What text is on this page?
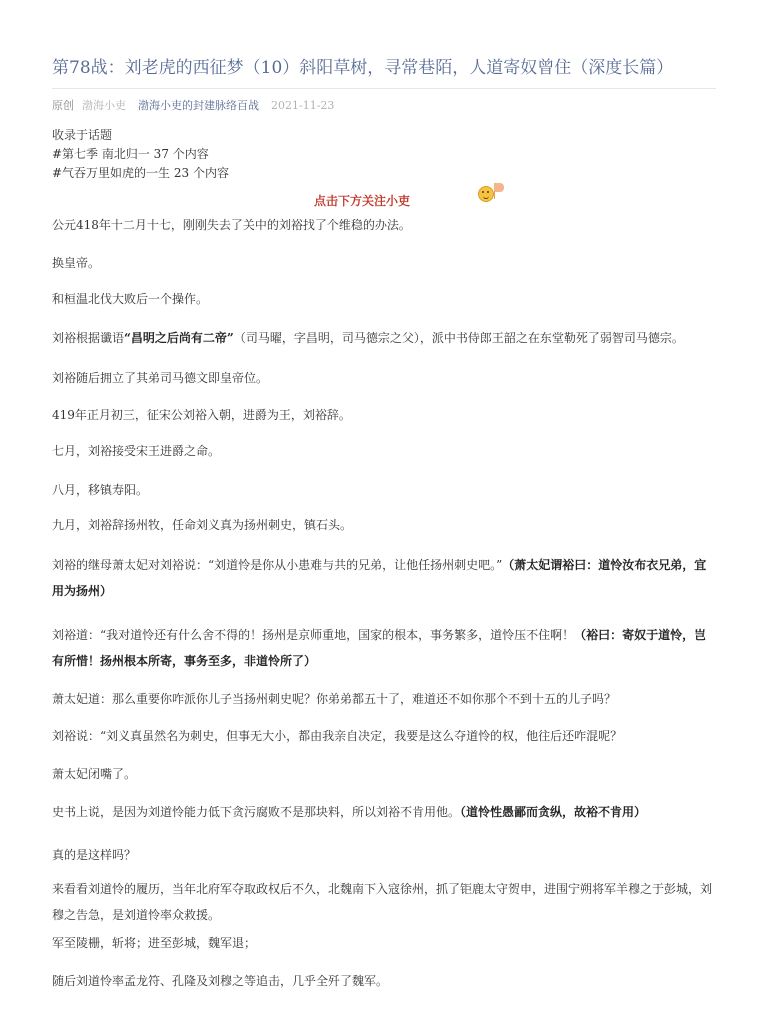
第78战：刘老虎的西征梦（10）斜阳草树，寻常巷陌，人道寄奴曾住（深度长篇）
原创 渤海小吏 渤海小吏的封建脉络百战 2021-11-23
收录于话题
#第七季 南北归一 37 个内容
#气吞万里如虎的一生 23 个内容
点击下方关注小吏

公元418年十二月十七，刚刚失去了关中的刘裕找了个维稳的办法。

换皇帝。

和桓温北伐大败后一个操作。

刘裕根据谶语“昌明之后尚有二帝”（司马曜，字昌明，司马德宗之父），派中书侍郎王韶之在东堂勒死了弱智司马德宗。

刘裕随后拥立了其弟司马德文即皇帝位。

419年正月初三，征宋公刘裕入朝，进爵为王，刘裕辞。

七月，刘裕接受宋王进爵之命。

八月，移镇寿阳。

九月，刘裕辞扬州牧，任命刘义真为扬州刺史，镇石头。

刘裕的继母萧太妃对刘裕说：“刘道怜是你从小患难与共的兄弟，让他任扬州刺史吧。”（萧太妃谓裕曰：道怜汝布衣兄弟，宜用为扬州）

刘裕道：“我对道怜还有什么舍不得的！扬州是京师重地，国家的根本，事务繁多，道怜压不住啊！（裕曰：寄奴于道怜，岂有所惜！扬州根本所寄，事务至多，非道怜所了）

萧太妃道：那么重要你咋派你儿子当扬州刺史呢？你弟弟都五十了，难道还不如你那个不到十五的儿子吗？

刘裕说：“刘义真虽然名为刺史，但事无大小，都由我亲自决定，我要是这么夺道怜的权，他往后还咋混呢？

萧太妃闭嘴了。

史书上说，是因为刘道怜能力低下贪污腐败不是那块料，所以刘裕不肯用他。（道怜性愚鄙而贪纵，故裕不肯用）

真的是这样吗？

来看看刘道怜的履历，当年北府军夺取政权后不久，北魏南下入寇徐州，抓了钜鹿太守贺申，进围宁朔将军羊穆之于彭城，刘穆之告急，是刘道怜率众救援。

军至陵栅，斩将；进至彭城，魏军退；

随后刘道怜率孟龙符、孔隆及刘穆之等追击，几乎全歼了魏军。
